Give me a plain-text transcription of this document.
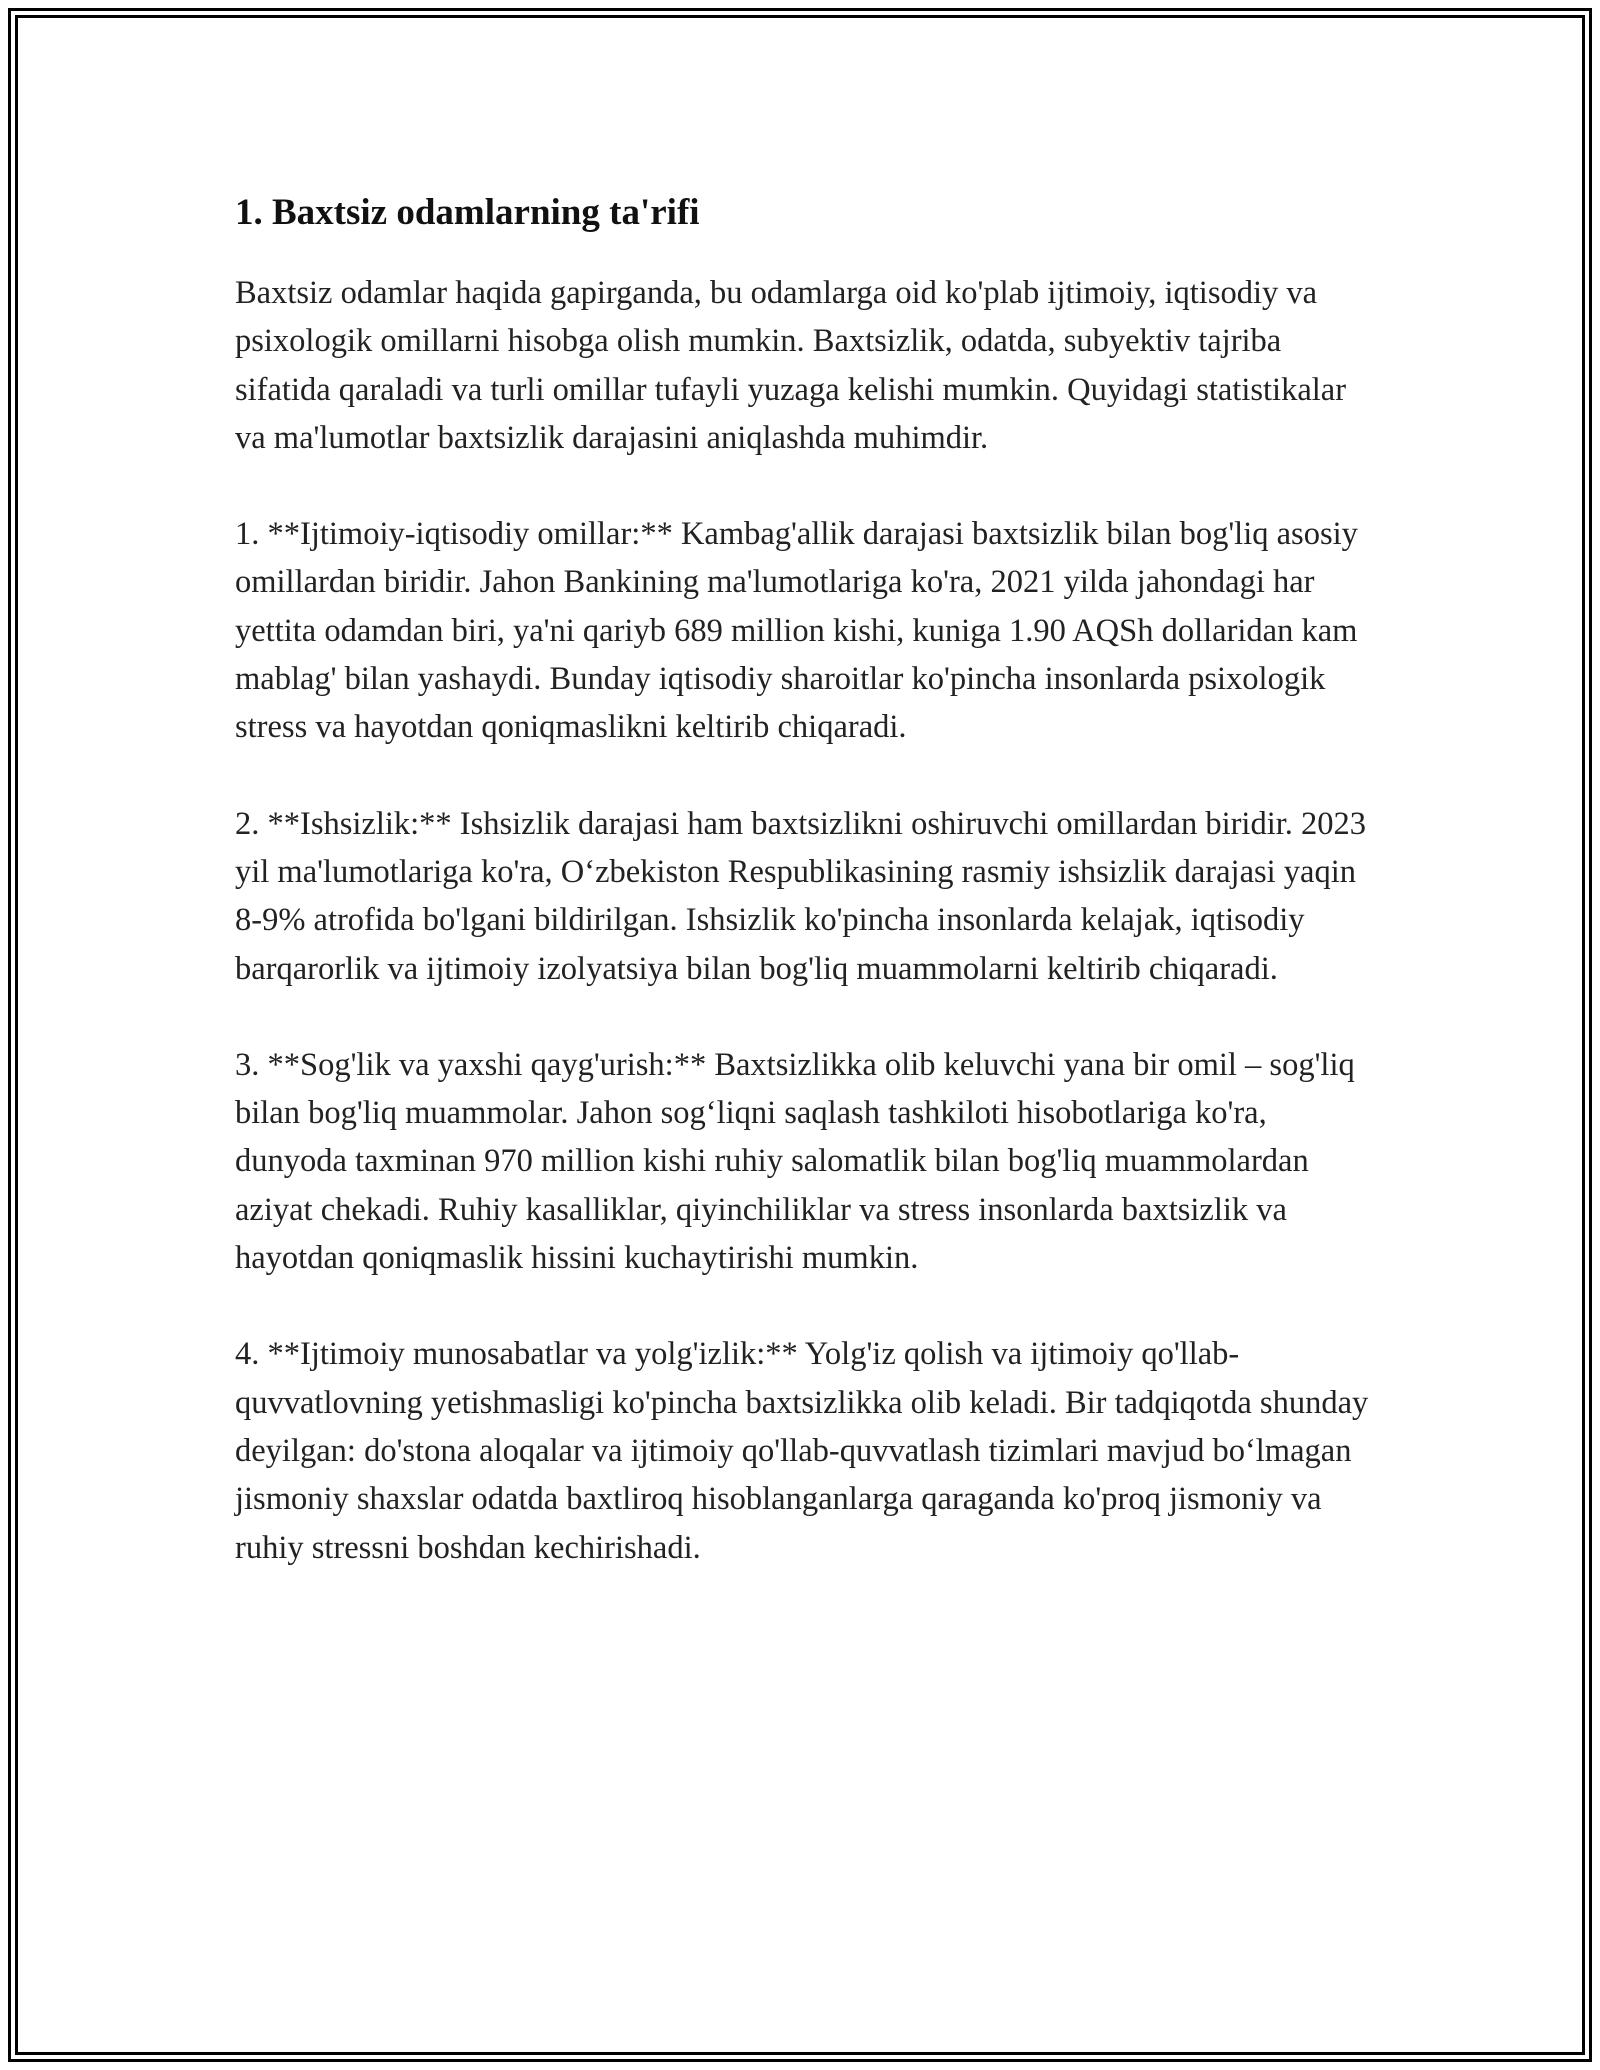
1. Baxtsiz odamlarning ta'rifi

Baxtsiz odamlar haqida gapirganda, bu odamlarga oid ko'plab ijtimoiy, iqtisodiy va psixologik omillarni hisobga olish mumkin. Baxtsizlik, odatda, subyektiv tajriba sifatida qaraladi va turli omillar tufayli yuzaga kelishi mumkin. Quyidagi statistikalar va ma'lumotlar baxtsizlik darajasini aniqlashda muhimdir.

1. **Ijtimoiy-iqtisodiy omillar:** Kambag'allik darajasi baxtsizlik bilan bog'liq asosiy omillardan biridir. Jahon Bankining ma'lumotlariga ko'ra, 2021 yilda jahondagi har yettita odamdan biri, ya'ni qariyb 689 million kishi, kuniga 1.90 AQSh dollaridan kam mablag' bilan yashaydi. Bunday iqtisodiy sharoitlar ko'pincha insonlarda psixologik stress va hayotdan qoniqmaslikni keltirib chiqaradi.

2. **Ishsizlik:** Ishsizlik darajasi ham baxtsizlikni oshiruvchi omillardan biridir. 2023 yil ma'lumotlariga ko'ra, O‘zbekiston Respublikasining rasmiy ishsizlik darajasi yaqin 8-9% atrofida bo'lgani bildirilgan. Ishsizlik ko'pincha insonlarda kelajak, iqtisodiy barqarorlik va ijtimoiy izolyatsiya bilan bog'liq muammolarni keltirib chiqaradi.

3. **Sog'lik va yaxshi qayg'urish:** Baxtsizlikka olib keluvchi yana bir omil – sog'liq bilan bog'liq muammolar. Jahon sog‘liqni saqlash tashkiloti hisobotlariga ko'ra, dunyoda taxminan 970 million kishi ruhiy salomatlik bilan bog'liq muammolardan aziyat chekadi. Ruhiy kasalliklar, qiyinchiliklar va stress insonlarda baxtsizlik va hayotdan qoniqmaslik hissini kuchaytirishi mumkin.

4. **Ijtimoiy munosabatlar va yolg'izlik:** Yolg'iz qolish va ijtimoiy qo'llab-quvvatlovning yetishmasligi ko'pincha baxtsizlikka olib keladi. Bir tadqiqotda shunday deyilgan: do'stona aloqalar va ijtimoiy qo'llab-quvvatlash tizimlari mavjud bo‘lmagan jismoniy shaxslar odatda baxtliroq hisoblanganlarga qaraganda ko'proq jismoniy va ruhiy stressni boshdan kechirishadi.
